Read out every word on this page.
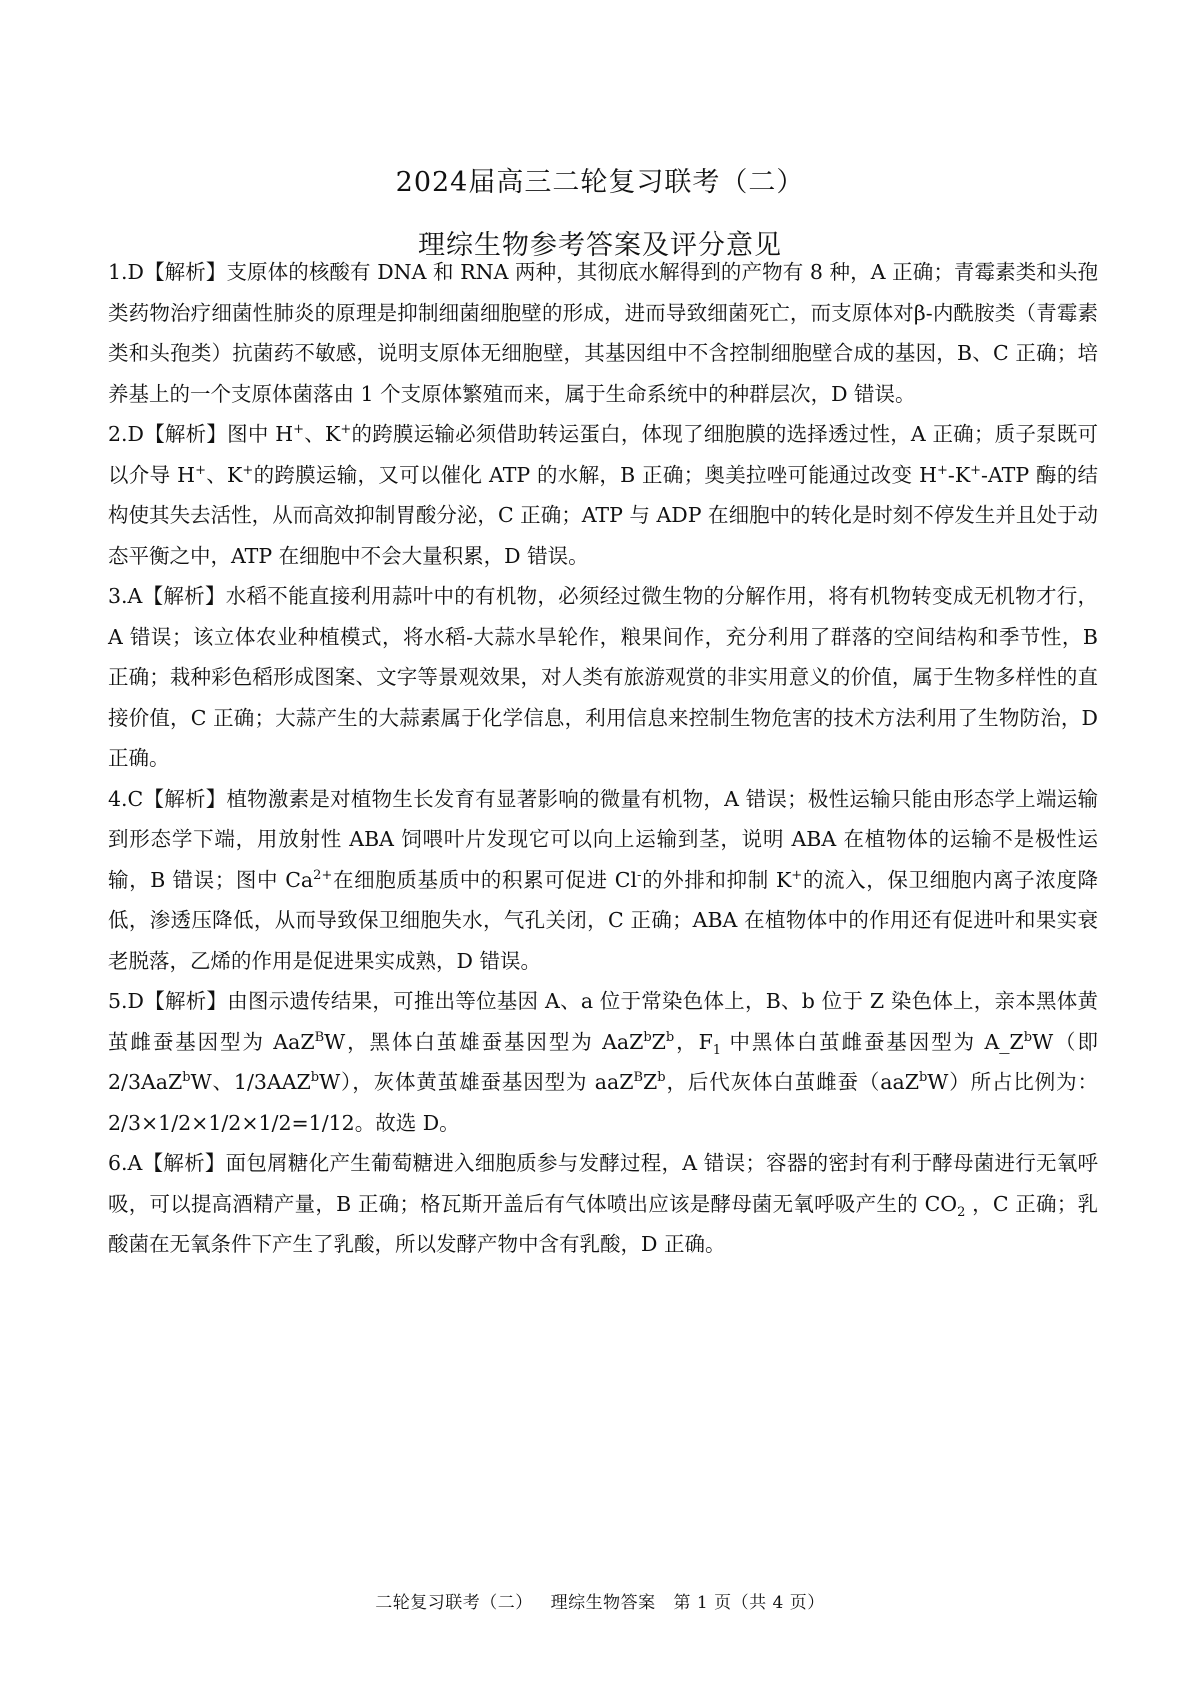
2024届高三二轮复习联考（二）
理综生物参考答案及评分意见

1.D【解析】支原体的核酸有 DNA 和 RNA 两种，其彻底水解得到的产物有 8 种，A 正确；青霉素类和头孢类药物治疗细菌性肺炎的原理是抑制细菌细胞壁的形成，进而导致细菌死亡，而支原体对β-内酰胺类（青霉素类和头孢类）抗菌药不敏感，说明支原体无细胞壁，其基因组中不含控制细胞壁合成的基因，B、C 正确；培养基上的一个支原体菌落由 1 个支原体繁殖而来，属于生命系统中的种群层次，D 错误。

2.D【解析】图中 H+、K+的跨膜运输必须借助转运蛋白，体现了细胞膜的选择透过性，A 正确；质子泵既可以介导 H+、K+的跨膜运输，又可以催化 ATP 的水解，B 正确；奥美拉唑可能通过改变 H+-K+-ATP 酶的结构使其失去活性，从而高效抑制胃酸分泌，C 正确；ATP 与 ADP 在细胞中的转化是时刻不停发生并且处于动态平衡之中，ATP 在细胞中不会大量积累，D 错误。

3.A【解析】水稻不能直接利用蒜叶中的有机物，必须经过微生物的分解作用，将有机物转变成无机物才行，A 错误；该立体农业种植模式，将水稻-大蒜水旱轮作，粮果间作，充分利用了群落的空间结构和季节性，B 正确；栽种彩色稻形成图案、文字等景观效果，对人类有旅游观赏的非实用意义的价值，属于生物多样性的直接价值，C 正确；大蒜产生的大蒜素属于化学信息，利用信息来控制生物危害的技术方法利用了生物防治，D 正确。

4.C【解析】植物激素是对植物生长发育有显著影响的微量有机物，A 错误；极性运输只能由形态学上端运输到形态学下端，用放射性 ABA 饲喂叶片发现它可以向上运输到茎，说明 ABA 在植物体的运输不是极性运输，B 错误；图中 $Ca^{2+}$在细胞质基质中的积累可促进 Cl-的外排和抑制 K+的流入，保卫细胞内离子浓度降低，渗透压降低，从而导致保卫细胞失水，气孔关闭，C 正确；ABA 在植物体中的作用还有促进叶和果实衰老脱落，乙烯的作用是促进果实成熟，D 错误。

5.D【解析】由图示遗传结果，可推出等位基因 A、a 位于常染色体上，B、b 位于 Z 染色体上，亲本黑体黄茧雌蚕基因型为 AaZ$^B$W，黑体白茧雄蚕基因型为 $AaZ^bZ^b$，$F_1$ 中黑体白茧雌蚕基因型为 $A\_Z^bW$（即 2/3AaZ$^b$W、1/3AAZ$^b$W），灰体黄茧雄蚕基因型为 $aaZ^BZ^b$，后代灰体白茧雌蚕（aaZ$^b$W）所占比例为：2/3×1/2×1/2×1/2=1/12。故选 D。

6.A【解析】面包屑糖化产生葡萄糖进入细胞质参与发酵过程，A 错误；容器的密封有利于酵母菌进行无氧呼吸，可以提高酒精产量，B 正确；格瓦斯开盖后有气体喷出应该是酵母菌无氧呼吸产生的 $CO_2$ ，C 正确；乳酸菌在无氧条件下产生了乳酸，所以发酵产物中含有乳酸，D 正确。

二轮复习联考（二） 理综生物答案 第 1 页（共 4 页）
